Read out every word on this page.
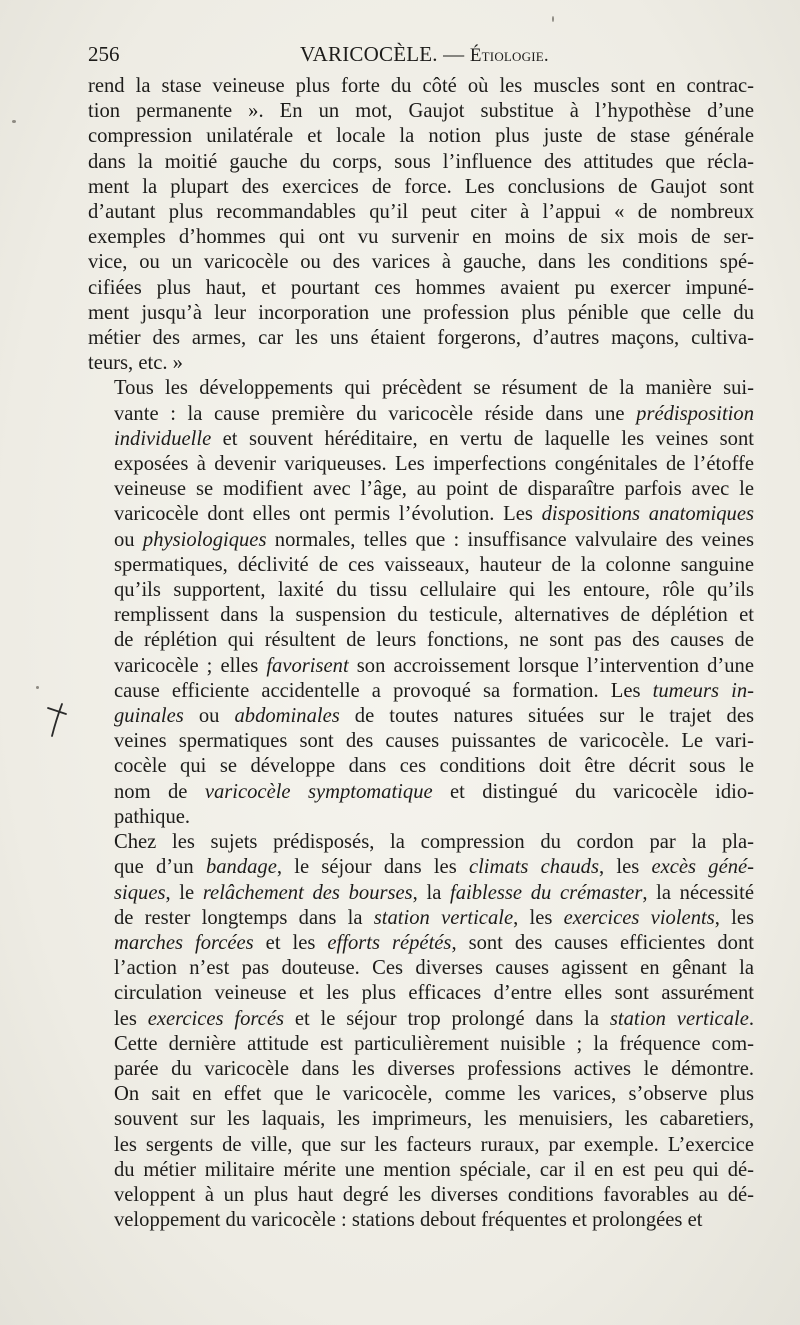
256	VARICOCÈLE. — Étiologie.
rend la stase veineuse plus forte du côté où les muscles sont en contrac-
tion permanente ». En un mot, Gaujot substitue à l’hypothèse d’une
compression unilatérale et locale la notion plus juste de stase générale
dans la moitié gauche du corps, sous l’influence des attitudes que récla-
ment la plupart des exercices de force. Les conclusions de Gaujot sont
d’autant plus recommandables qu’il peut citer à l’appui « de nombreux
exemples d’hommes qui ont vu survenir en moins de six mois de ser-
vice, ou un varicocèle ou des varices à gauche, dans les conditions spé-
cifiées plus haut, et pourtant ces hommes avaient pu exercer impuné-
ment jusqu’à leur incorporation une profession plus pénible que celle du
métier des armes, car les uns étaient forgerons, d’autres maçons, cultiva-
teurs, etc. »
Tous les développements qui précèdent se résument de la manière sui-
vante : la cause première du varicocèle réside dans une prédisposition
individuelle et souvent héréditaire, en vertu de laquelle les veines sont
exposées à devenir variqueuses. Les imperfections congénitales de l’étoffe
veineuse se modifient avec l’âge, au point de disparaître parfois avec le
varicocèle dont elles ont permis l’évolution. Les dispositions anatomiques
ou physiologiques normales, telles que : insuffisance valvulaire des veines
spermatiques, déclivité de ces vaisseaux, hauteur de la colonne sanguine
qu’ils supportent, laxité du tissu cellulaire qui les entoure, rôle qu’ils
remplissent dans la suspension du testicule, alternatives de déplétion et
de réplétion qui résultent de leurs fonctions, ne sont pas des causes de
varicocèle ; elles favorisent son accroissement lorsque l’intervention d’une
cause efficiente accidentelle a provoqué sa formation. Les tumeurs in-
guinales ou abdominales de toutes natures situées sur le trajet des
veines spermatiques sont des causes puissantes de varicocèle. Le vari-
cocèle qui se développe dans ces conditions doit être décrit sous le
nom de varicocèle symptomatique et distingué du varicocèle idio-
pathique.
Chez les sujets prédisposés, la compression du cordon par la pla-
que d’un bandage, le séjour dans les climats chauds, les excès géné-
siques, le relâchement des bourses, la faiblesse du crémaster, la nécessité
de rester longtemps dans la station verticale, les exercices violents, les
marches forcées et les efforts répétés, sont des causes efficientes dont
l’action n’est pas douteuse. Ces diverses causes agissent en gênant la
circulation veineuse et les plus efficaces d’entre elles sont assurément
les exercices forcés et le séjour trop prolongé dans la station verticale.
Cette dernière attitude est particulièrement nuisible ; la fréquence com-
parée du varicocèle dans les diverses professions actives le démontre.
On sait en effet que le varicocèle, comme les varices, s’observe plus
souvent sur les laquais, les imprimeurs, les menuisiers, les cabaretiers,
les sergents de ville, que sur les facteurs ruraux, par exemple. L’exercice
du métier militaire mérite une mention spéciale, car il en est peu qui dé-
veloppent à un plus haut degré les diverses conditions favorables au dé-
veloppement du varicocèle : stations debout fréquentes et prolongées et
